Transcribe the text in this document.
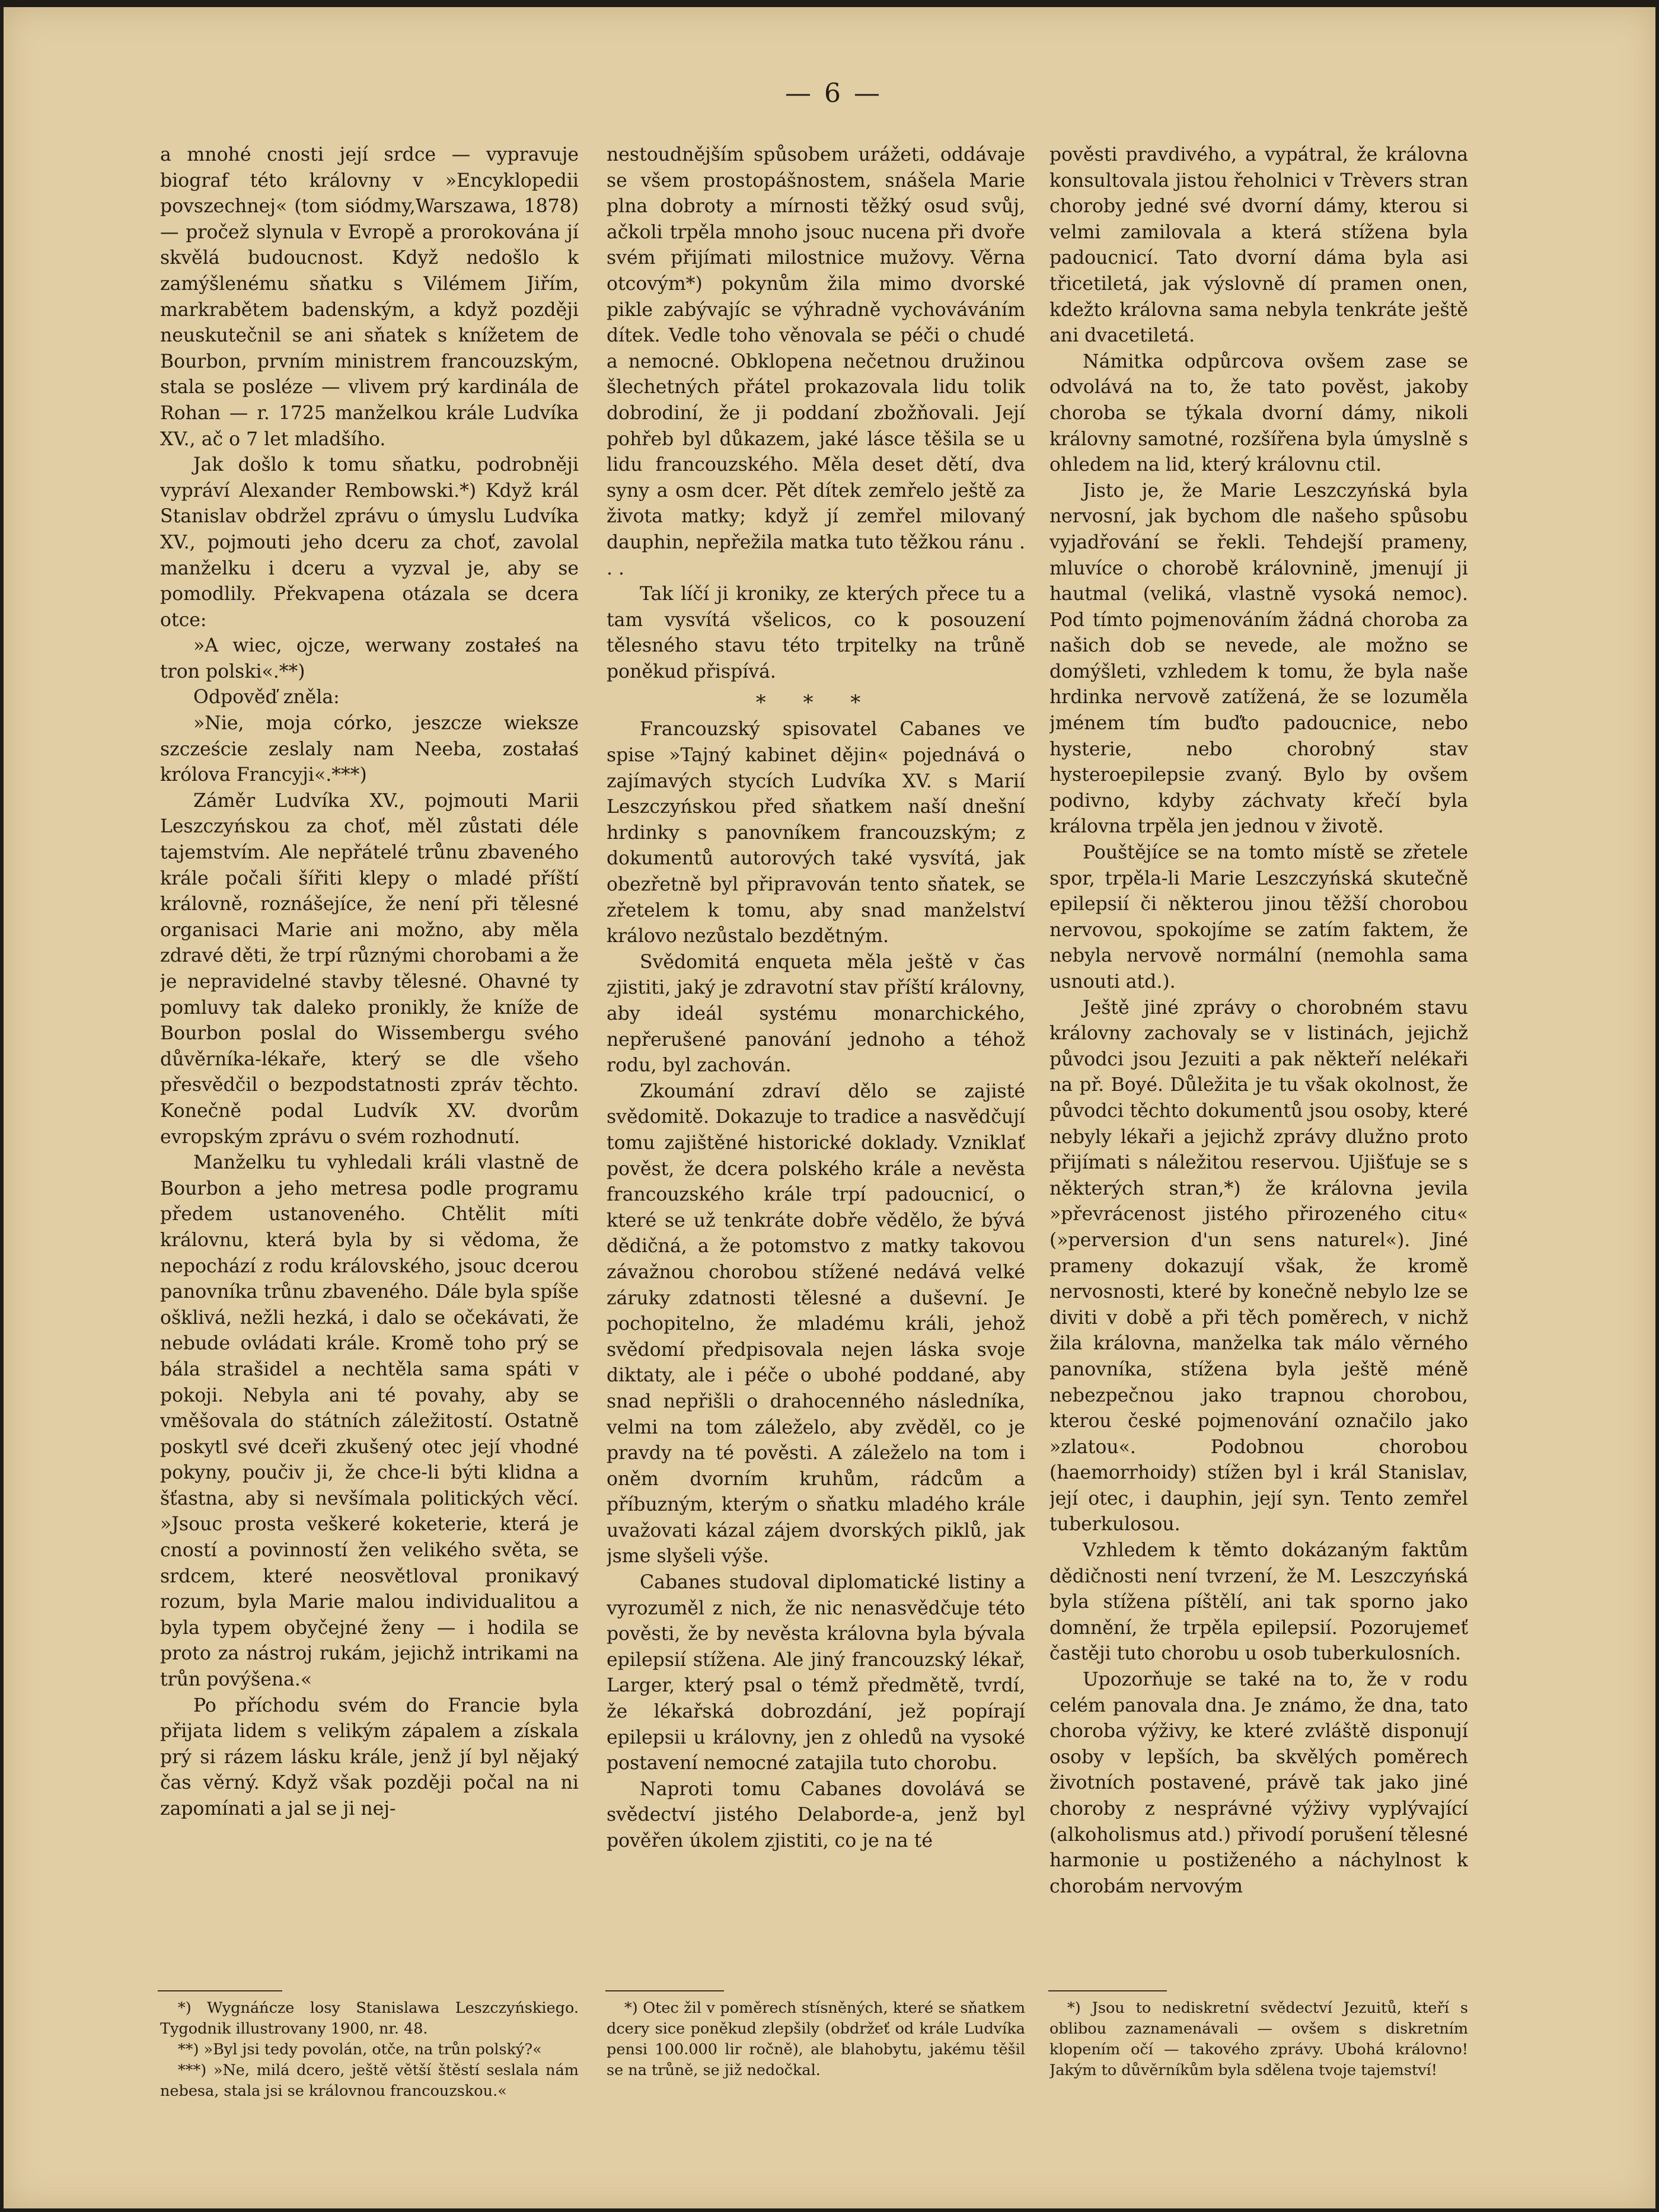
— 6 —

a mnohé cnosti její srdce — vypravuje biograf této královny v »Encyklopedii povszechnej« (tom siódmy,Warszawa, 1878) — pročež slynula v Evropě a prorokována jí skvělá budoucnost. Když nedošlo k zamýšlenému sňatku s Vilémem Jiřím, markrabětem badenským, a když později neuskutečnil se ani sňatek s knížetem de Bourbon, prvním ministrem francouzským, stala se posléze — vlivem prý kardinála de Rohan — r. 1725 manželkou krále Ludvíka XV., ač o 7 let mladšího.

Jak došlo k tomu sňatku, podrobněji vypráví Alexander Rembowski.*) Když král Stanislav obdržel zprávu o úmyslu Ludvíka XV., pojmouti jeho dceru za choť, zavolal manželku i dceru a vyzval je, aby se pomodlily. Překvapena otázala se dcera otce:

»A wiec, ojcze, werwany zostałeś na tron polski«.**)

Odpověď zněla:

»Nie, moja córko, jeszcze wieksze szczeście zeslaly nam Neeba, zostałaś królova Francyji«.***)

Záměr Ludvíka XV., pojmouti Marii Leszczyńskou za choť, měl zůstati déle tajemstvím. Ale nepřátelé trůnu zbaveného krále počali šířiti klepy o mladé příští královně, roznášejíce, že není při tělesné organisaci Marie ani možno, aby měla zdravé děti, že trpí různými chorobami a že je nepravidelné stavby tělesné. Ohavné ty pomluvy tak daleko pronikly, že kníže de Bourbon poslal do Wissembergu svého důvěrníka-lékaře, který se dle všeho přesvědčil o bezpodstatnosti zpráv těchto. Konečně podal Ludvík XV. dvorům evropským zprávu o svém rozhodnutí.

Manželku tu vyhledali králi vlastně de Bourbon a jeho metresa podle programu předem ustanoveného. Chtělit míti královnu, která byla by si vědoma, že nepochází z rodu královského, jsouc dcerou panovníka trůnu zbaveného. Dále byla spíše ošklivá, nežli hezká, i dalo se očekávati, že nebude ovládati krále. Kromě toho prý se bála strašidel a nechtěla sama spáti v pokoji. Nebyla ani té povahy, aby se vměšovala do státních záležitostí. Ostatně poskytl své dceři zkušený otec její vhodné pokyny, poučiv ji, že chce-li býti klidna a šťastna, aby si nevšímala politických věcí. »Jsouc prosta veškeré koketerie, která je cností a povinností žen velikého světa, se srdcem, které neosvětloval pronikavý rozum, byla Marie malou individualitou a byla typem obyčejné ženy — i hodila se proto za nástroj rukám, jejichž intrikami na trůn povýšena.«

Po příchodu svém do Francie byla přijata lidem s velikým zápalem a získala prý si rázem lásku krále, jenž jí byl nějaký čas věrný. Když však později počal na ni zapomínati a jal se ji nej-

nestoudnějším spůsobem urážeti, oddávaje se všem prostopášnostem, snášela Marie plna dobroty a mírnosti těžký osud svůj, ačkoli trpěla mnoho jsouc nucena při dvoře svém přijímati milostnice mužovy. Věrna otcovým*) pokynům žila mimo dvorské pikle zabývajíc se výhradně vychováváním dítek. Vedle toho věnovala se péči o chudé a nemocné. Obklopena nečetnou družinou šlechetných přátel prokazovala lidu tolik dobrodiní, že ji poddaní zbožňovali. Její pohřeb byl důkazem, jaké lásce těšila se u lidu francouzského. Měla deset dětí, dva syny a osm dcer. Pět dítek zemřelo ještě za života matky; když jí zemřel milovaný dauphin, nepřežila matka tuto těžkou ránu . . .

Tak líčí ji kroniky, ze kterých přece tu a tam vysvítá všelicos, co k posouzení tělesného stavu této trpitelky na trůně poněkud přispívá.

* * *

Francouzský spisovatel Cabanes ve spise »Tajný kabinet dějin« pojednává o zajímavých stycích Ludvíka XV. s Marií Leszczyńskou před sňatkem naší dnešní hrdinky s panovníkem francouzským; z dokumentů autorových také vysvítá, jak obezřetně byl připravován tento sňatek, se zřetelem k tomu, aby snad manželství královo nezůstalo bezdětným.

Svědomitá enqueta měla ještě v čas zjistiti, jaký je zdravotní stav příští královny, aby ideál systému monarchického, nepřerušené panování jednoho a téhož rodu, byl zachován.

Zkoumání zdraví dělo se zajisté svědomitě. Dokazuje to tradice a nasvědčují tomu zajištěné historické doklady. Vzniklať pověst, že dcera polského krále a nevěsta francouzského krále trpí padoucnicí, o které se už tenkráte dobře vědělo, že bývá dědičná, a že potomstvo z matky takovou závažnou chorobou stížené nedává velké záruky zdatnosti tělesné a duševní. Je pochopitelno, že mladému králi, jehož svědomí předpisovala nejen láska svoje diktaty, ale i péče o ubohé poddané, aby snad nepřišli o drahocenného následníka, velmi na tom záleželo, aby zvěděl, co je pravdy na té pověsti. A záleželo na tom i oněm dvorním kruhům, rádcům a příbuzným, kterým o sňatku mladého krále uvažovati kázal zájem dvorských piklů, jak jsme slyšeli výše.

Cabanes studoval diplomatické listiny a vyrozuměl z nich, že nic nenasvědčuje této pověsti, že by nevěsta královna byla bývala epilepsií stížena. Ale jiný francouzský lékař, Larger, který psal o témž předmětě, tvrdí, že lékařská dobrozdání, jež popírají epilepsii u královny, jen z ohledů na vysoké postavení nemocné zatajila tuto chorobu.

Naproti tomu Cabanes dovolává se svědectví jistého Delaborde-a, jenž byl pověřen úkolem zjistiti, co je na té

pověsti pravdivého, a vypátral, že královna konsultovala jistou řeholnici v Trèvers stran choroby jedné své dvorní dámy, kterou si velmi zamilovala a která stížena byla padoucnicí. Tato dvorní dáma byla asi třicetiletá, jak výslovně dí pramen onen, kdežto královna sama nebyla tenkráte ještě ani dvacetiletá.

Námitka odpůrcova ovšem zase se odvolává na to, že tato pověst, jakoby choroba se týkala dvorní dámy, nikoli královny samotné, rozšířena byla úmyslně s ohledem na lid, který královnu ctil.

Jisto je, že Marie Leszczyńská byla nervosní, jak bychom dle našeho spůsobu vyjadřování se řekli. Tehdejší prameny, mluvíce o chorobě královnině, jmenují ji hautmal (veliká, vlastně vysoká nemoc). Pod tímto pojmenováním žádná choroba za našich dob se nevede, ale možno se domýšleti, vzhledem k tomu, že byla naše hrdinka nervově zatížená, že se lozuměla jménem tím buďto padoucnice, nebo hysterie, nebo chorobný stav hysteroepilepsie zvaný. Bylo by ovšem podivno, kdyby záchvaty křečí byla královna trpěla jen jednou v životě.

Pouštějíce se na tomto místě se zřetele spor, trpěla-li Marie Leszczyńská skutečně epilepsií či některou jinou těžší chorobou nervovou, spokojíme se zatím faktem, že nebyla nervově normální (nemohla sama usnouti atd.).

Ještě jiné zprávy o chorobném stavu královny zachovaly se v listinách, jejichž původci jsou Jezuiti a pak někteří nelékaři na př. Boyé. Důležita je tu však okolnost, že původci těchto dokumentů jsou osoby, které nebyly lékaři a jejichž zprávy dlužno proto přijímati s náležitou reservou. Ujišťuje se s některých stran,*) že královna jevila »převrácenost jistého přirozeného citu« (»perversion d'un sens naturel«). Jiné prameny dokazují však, že kromě nervosnosti, které by konečně nebylo lze se diviti v době a při těch poměrech, v nichž žila královna, manželka tak málo věrného panovníka, stížena byla ještě méně nebezpečnou jako trapnou chorobou, kterou české pojmenování označilo jako »zlatou«. Podobnou chorobou (haemorrhoidy) stížen byl i král Stanislav, její otec, i dauphin, její syn. Tento zemřel tuberkulosou.

Vzhledem k těmto dokázaným faktům dědičnosti není tvrzení, že M. Leszczyńská byla stížena píštělí, ani tak sporno jako domnění, že trpěla epilepsií. Pozorujemeť častěji tuto chorobu u osob tuberkulosních.

Upozorňuje se také na to, že v rodu celém panovala dna. Je známo, že dna, tato choroba výživy, ke které zvláště disponují osoby v lepších, ba skvělých poměrech životních postavené, právě tak jako jiné choroby z nesprávné výživy vyplývající (alkoholismus atd.) přivodí porušení tělesné harmonie u postiženého a náchylnost k chorobám nervovým

*) Wygnáńcze losy Stanislawa Leszczyńskiego. Tygodnik illustrovany 1900, nr. 48.

**) »Byl jsi tedy povolán, otče, na trůn polský?«

***) »Ne, milá dcero, ještě větší štěstí seslala nám nebesa, stala jsi se královnou francouzskou.«

*) Otec žil v poměrech stísněných, které se sňatkem dcery sice poněkud zlepšily (obdržeť od krále Ludvíka pensi 100.000 lir ročně), ale blahobytu, jakému těšil se na trůně, se již nedočkal.

*) Jsou to nediskretní svědectví Jezuitů, kteří s oblibou zaznamenávali — ovšem s diskretním klopením očí — takového zprávy. Ubohá královno! Jakým to důvěrníkům byla sdělena tvoje tajemství!
